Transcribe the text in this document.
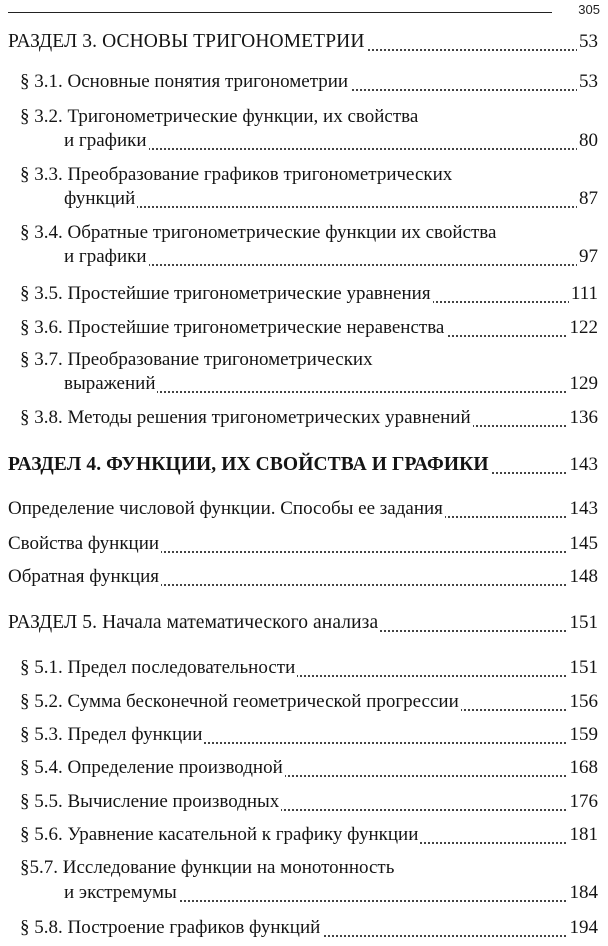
305
РАЗДЕЛ 3. ОСНОВЫ ТРИГОНОМЕТРИИ	53
§ 3.1. Основные понятия тригонометрии	53
§ 3.2. Тригонометрические функции, их свойства
и графики	80
§ 3.3. Преобразование графиков тригонометрических
функций	87
§ 3.4. Обратные тригонометрические функции их свойства
и графики	97
§ 3.5. Простейшие тригонометрические уравнения	111
§ 3.6. Простейшие тригонометрические неравенства	122
§ 3.7. Преобразование тригонометрических
выражений	129
§ 3.8. Методы решения тригонометрических уравнений	136
РАЗДЕЛ 4. ФУНКЦИИ, ИХ СВОЙСТВА И ГРАФИКИ	143
Определение числовой функции. Способы ее задания	143
Свойства функции	145
Обратная функция	148
РАЗДЕЛ 5. Начала математического анализа	151
§ 5.1. Предел последовательности	151
§ 5.2. Сумма бесконечной геометрической прогрессии	156
§ 5.3. Предел функции	159
§ 5.4. Определение производной	168
§ 5.5. Вычисление производных	176
§ 5.6. Уравнение касательной к графику функции	181
§5.7. Исследование функции на монотонность
и экстремумы	184
§ 5.8. Построение графиков функций	194
